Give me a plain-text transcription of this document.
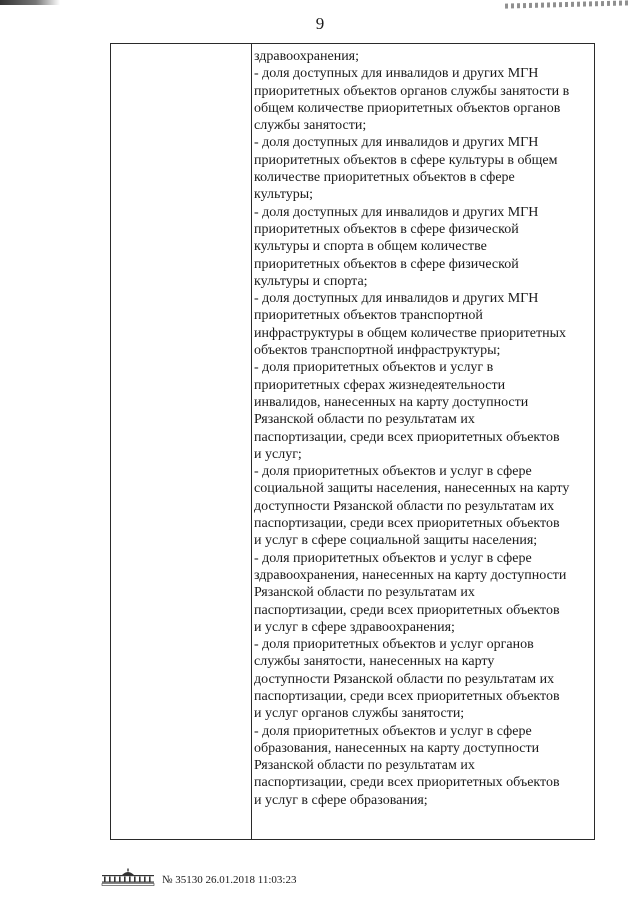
9
здравоохранения;
- доля доступных для инвалидов и других МГН
приоритетных объектов органов службы занятости в
общем количестве приоритетных объектов органов
службы занятости;
- доля доступных для инвалидов и других МГН
приоритетных объектов в сфере культуры в общем
количестве приоритетных объектов в сфере
культуры;
- доля доступных для инвалидов и других МГН
приоритетных объектов в сфере физической
культуры и спорта в общем количестве
приоритетных объектов в сфере физической
культуры и спорта;
- доля доступных для инвалидов и других МГН
приоритетных объектов транспортной
инфраструктуры в общем количестве приоритетных
объектов транспортной инфраструктуры;
- доля приоритетных объектов и услуг в
приоритетных сферах жизнедеятельности
инвалидов, нанесенных на карту доступности
Рязанской области по результатам их
паспортизации, среди всех приоритетных объектов
и услуг;
- доля приоритетных объектов и услуг в сфере
социальной защиты населения, нанесенных на карту
доступности Рязанской области по результатам их
паспортизации, среди всех приоритетных объектов
и услуг в сфере социальной защиты населения;
- доля приоритетных объектов и услуг в сфере
здравоохранения, нанесенных на карту доступности
Рязанской области по результатам их
паспортизации, среди всех приоритетных объектов
и услуг в сфере здравоохранения;
- доля приоритетных объектов и услуг органов
службы занятости, нанесенных на карту
доступности Рязанской области по результатам их
паспортизации, среди всех приоритетных объектов
и услуг органов службы занятости;
- доля приоритетных объектов и услуг в сфере
образования, нанесенных на карту доступности
Рязанской области по результатам их
паспортизации, среди всех приоритетных объектов
и услуг в сфере образования;
№ 35130 26.01.2018 11:03:23
